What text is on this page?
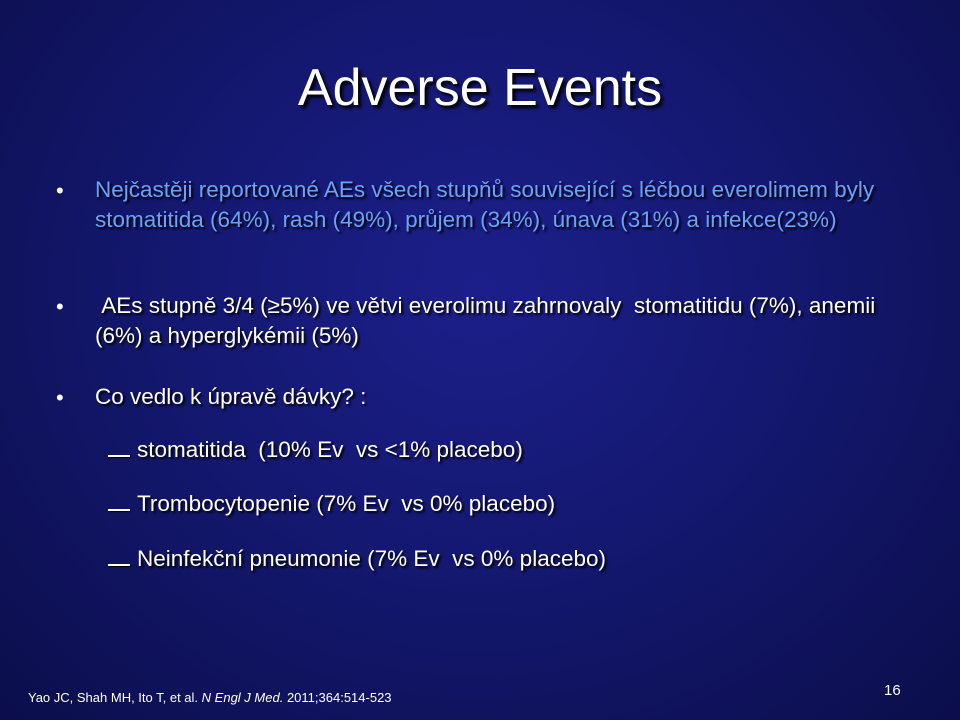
Adverse Events
• Nejčastěji reportované AEs všech stupňů související s léčbou everolimem byly stomatitida (64%), rash (49%), průjem (34%), únava (31%) a infekce(23%)
• AEs stupně 3/4 (≥5%) ve větvi everolimu zahrnovaly  stomatitidu (7%), anemii (6%) a hyperglykémii (5%)
• Co vedlo k úpravě dávky? :
stomatitida  (10% Ev  vs <1% placebo)
Trombocytopenie (7% Ev  vs 0% placebo)
Neinfekční pneumonie (7% Ev  vs 0% placebo)
Yao JC, Shah MH, Ito T, et al. N Engl J Med. 2011;364:514-523	16
